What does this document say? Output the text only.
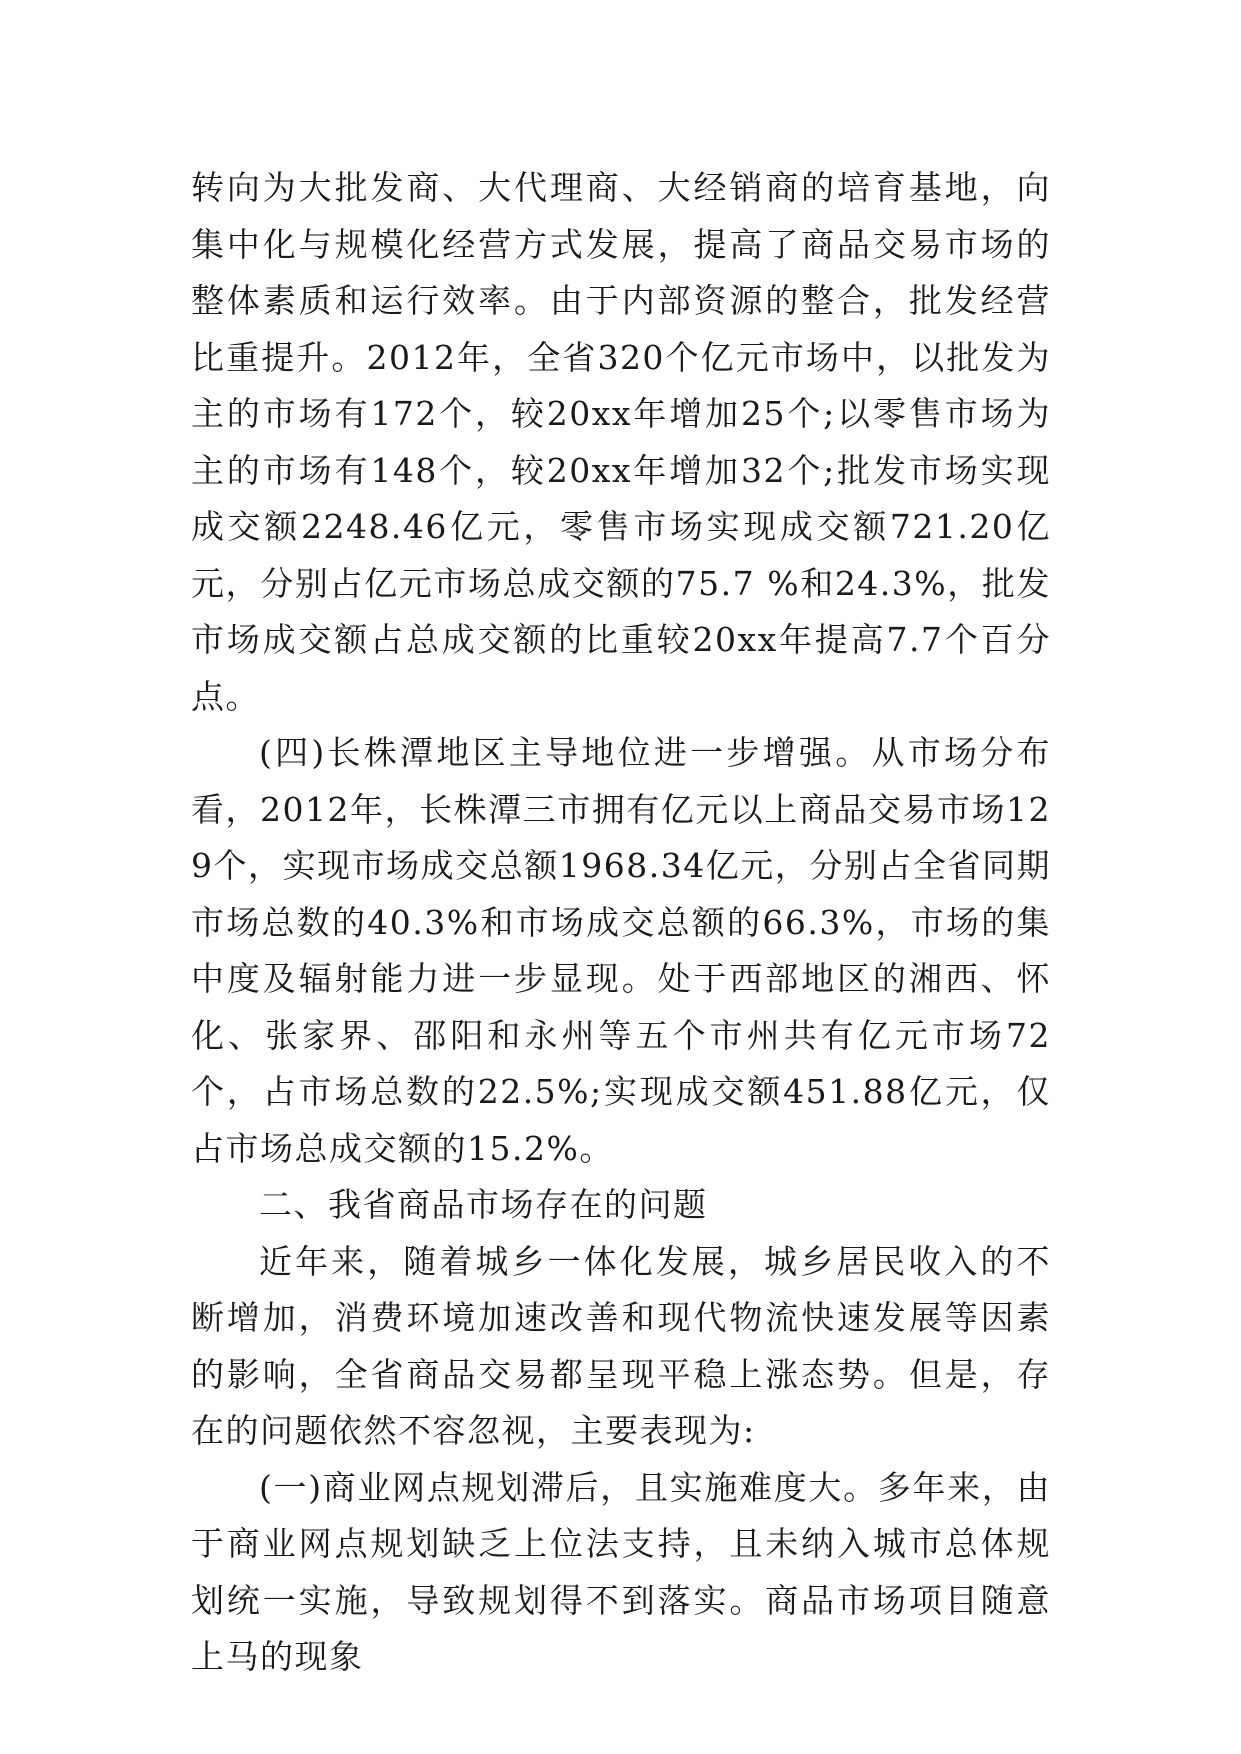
转向为大批发商、大代理商、大经销商的培育基地，向集中化与规模化经营方式发展，提高了商品交易市场的整体素质和运行效率。由于内部资源的整合，批发经营比重提升。2012年，全省320个亿元市场中，以批发为主的市场有172个，较20xx年增加25个;以零售市场为主的市场有148个，较20xx年增加32个;批发市场实现成交额2248.46亿元，零售市场实现成交额721.20亿元，分别占亿元市场总成交额的75.7 %和24.3%，批发市场成交额占总成交额的比重较20xx年提高7.7个百分点。

(四)长株潭地区主导地位进一步增强。从市场分布看，2012年，长株潭三市拥有亿元以上商品交易市场129个，实现市场成交总额1968.34亿元，分别占全省同期市场总数的40.3%和市场成交总额的66.3%，市场的集中度及辐射能力进一步显现。处于西部地区的湘西、怀化、张家界、邵阳和永州等五个市州共有亿元市场72个，占市场总数的22.5%;实现成交额451.88亿元，仅占市场总成交额的15.2%。

二、我省商品市场存在的问题

近年来，随着城乡一体化发展，城乡居民收入的不断增加，消费环境加速改善和现代物流快速发展等因素的影响，全省商品交易都呈现平稳上涨态势。但是，存在的问题依然不容忽视，主要表现为:

(一)商业网点规划滞后，且实施难度大。多年来，由于商业网点规划缺乏上位法支持，且未纳入城市总体规划统一实施，导致规划得不到落实。商品市场项目随意上马的现象
